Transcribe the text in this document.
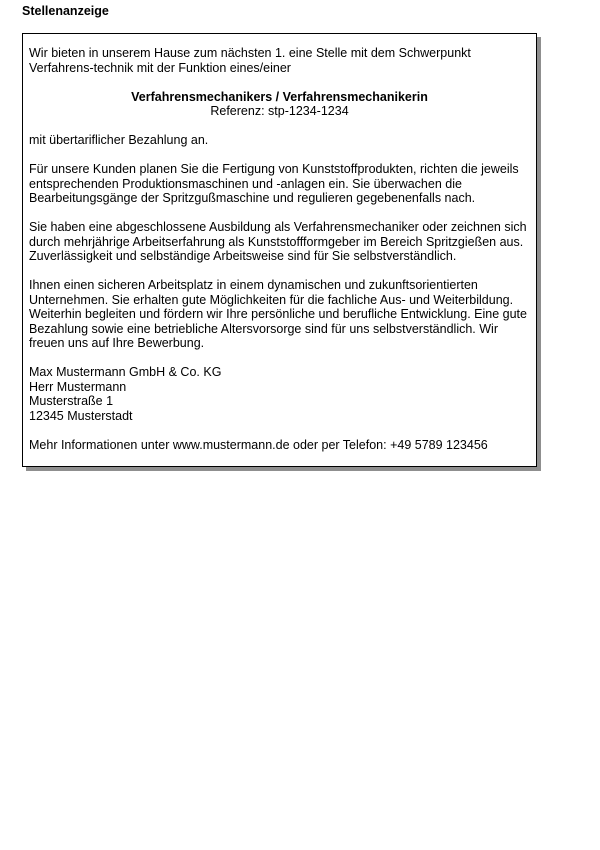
Stellenanzeige

Wir bieten in unserem Hause zum nächsten 1. eine Stelle mit dem Schwerpunkt
Verfahrens-technik mit der Funktion eines/einer

Verfahrensmechanikers / Verfahrensmechanikerin
Referenz: stp-1234-1234

mit übertariflicher Bezahlung an.

Für unsere Kunden planen Sie die Fertigung von Kunststoffprodukten, richten die jeweils
entsprechenden Produktionsmaschinen und -anlagen ein. Sie überwachen die
Bearbeitungsgänge der Spritzgußmaschine und regulieren gegebenenfalls nach.

Sie haben eine abgeschlossene Ausbildung als Verfahrensmechaniker oder zeichnen sich
durch mehrjährige Arbeitserfahrung als Kunststoffformgeber im Bereich Spritzgießen aus.
Zuverlässigkeit und selbständige Arbeitsweise sind für Sie selbstverständlich.

Ihnen einen sicheren Arbeitsplatz in einem dynamischen und zukunftsorientierten
Unternehmen. Sie erhalten gute Möglichkeiten für die fachliche Aus- und Weiterbildung.
Weiterhin begleiten und fördern wir Ihre persönliche und berufliche Entwicklung. Eine gute
Bezahlung sowie eine betriebliche Altersvorsorge sind für uns selbstverständlich. Wir
freuen uns auf Ihre Bewerbung.

Max Mustermann GmbH & Co. KG
Herr Mustermann
Musterstraße 1
12345 Musterstadt

Mehr Informationen unter www.mustermann.de oder per Telefon: +49 5789 123456
